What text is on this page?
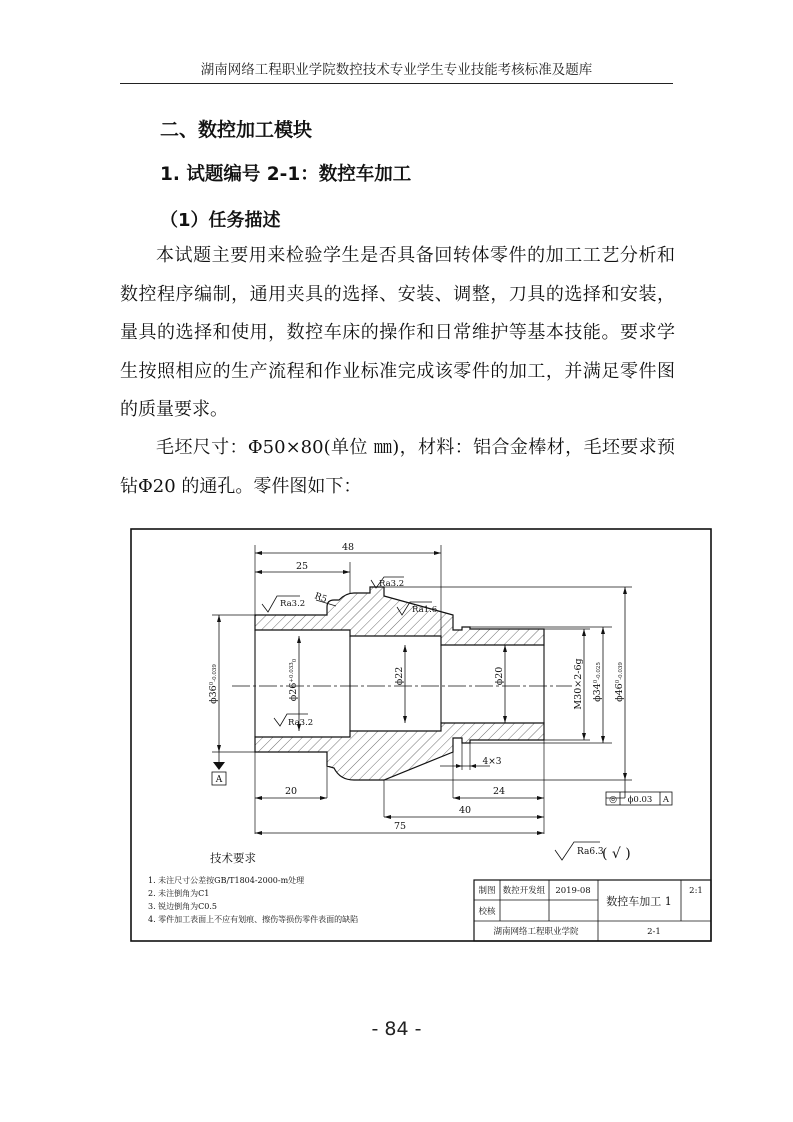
湖南网络工程职业学院数控技术专业学生专业技能考核标准及题库
二、数控加工模块
1. 试题编号 2-1：数控车加工
（1）任务描述
本试题主要用来检验学生是否具备回转体零件的加工工艺分析和数控程序编制，通用夹具的选择、安装、调整，刀具的选择和安装，量具的选择和使用，数控车床的操作和日常维护等基本技能。要求学生按照相应的生产流程和作业标准完成该零件的加工，并满足零件图的质量要求。
毛坯尺寸：Φ50×80(单位 ㎜)，材料：铝合金棒材，毛坯要求预钻Φ20 的通孔。零件图如下：
48
25
R5
20	24
40
75
4×3
$\phi 36^0_{-0.039}$
$\phi 26^{+0.033}_0$
ϕ22	ϕ20	M30×2-6g $\phi 34^0_{-0.025}$
$\phi 46^0_{-0.039}$
Ra3.2
Ra3.2
Ra1.6
Ra3.2
Ra6.3
( √ )
A
◎ ϕ0.03 A
技术要求
1. 未注尺寸公差按GB/T1804-2000-m处理
2. 未注倒角为C1
3. 锐边倒角为C0.5
4. 零件加工表面上不应有划痕、擦伤等损伤零件表面的缺陷
制图 数控开发组 2019-08
数控车加工 1
2:1
校核
湖南网络工程职业学院	2-1
- 84 -
